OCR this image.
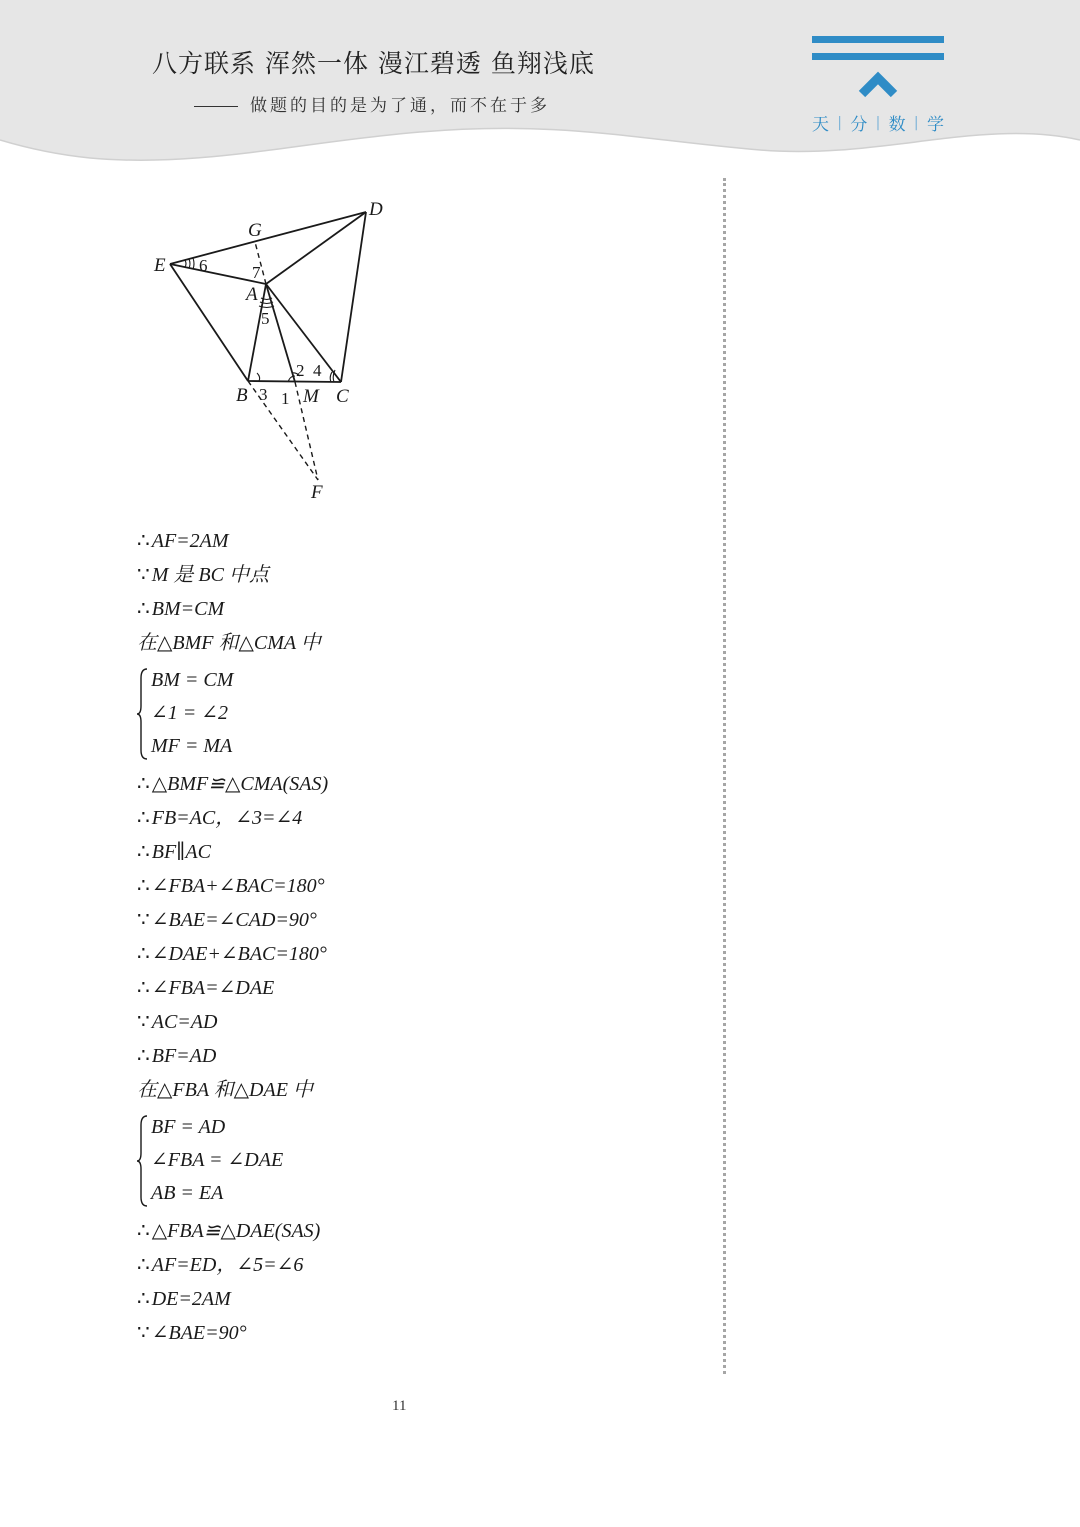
八方联系 浑然一体 漫江碧透 鱼翔浅底
做题的目的是为了通，而不在于多
天 | 分 | 数 | 学
D
G
E
A
B	M C
F
1
2
3
4
5
6	7
∴ AF=2AM
∵ M 是 BC 中点
∴ BM=CM
在△BMF 和△CMA 中
BM = CM
∠1 = ∠2
MF = MA
∴ △BMF≌△CMA(SAS)
∴ FB=AC，∠3=∠4
∴ BF∥AC
∴ ∠FBA+∠BAC=180°
∵ ∠BAE=∠CAD=90°
∴ ∠DAE+∠BAC=180°
∴ ∠FBA=∠DAE
∵ AC=AD
∴ BF=AD
在△FBA 和△DAE 中
BF = AD
∠FBA = ∠DAE
AB = EA
∴ △FBA≌△DAE(SAS)
∴ AF=ED，∠5=∠6
∴ DE=2AM
∵ ∠BAE=90°
11
